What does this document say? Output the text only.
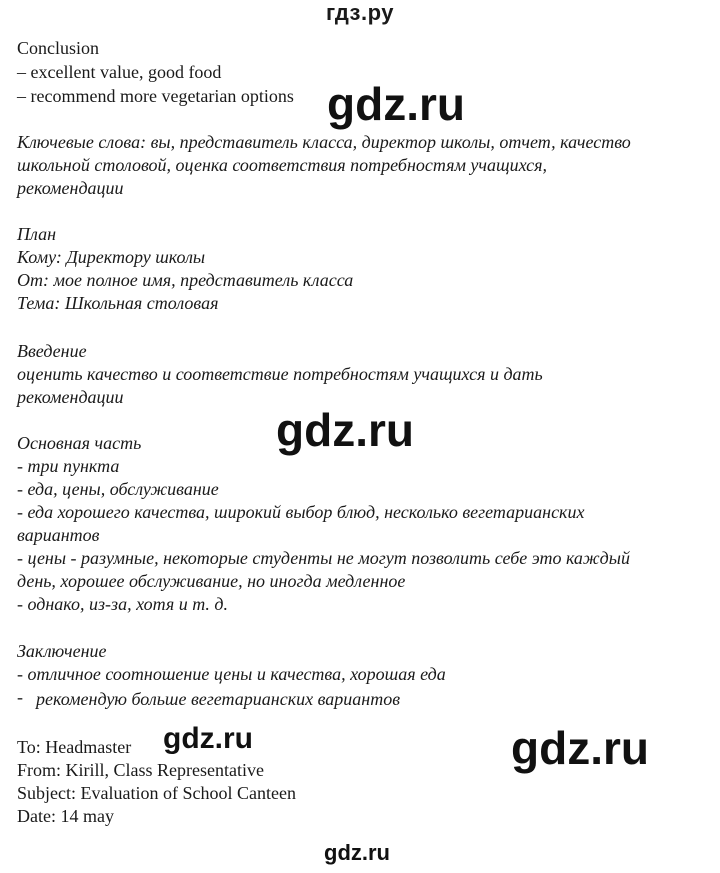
гдз.ру
Conclusion
– excellent value, good food
– recommend more vegetarian options
Ключевые слова: вы, представитель класса, директор школы, отчет, качество
школьной столовой, оценка соответствия потребностям учащихся,
рекомендации
План
Кому: Директору школы
От: мое полное имя, представитель класса
Тема: Школьная столовая
Введение
оценить качество и соответствие потребностям учащихся и дать
рекомендации
Основная часть
- три пункта
- еда, цены, обслуживание
- еда хорошего качества, широкий выбор блюд, несколько вегетарианских
вариантов
- цены - разумные, некоторые студенты не могут позволить себе это каждый
день, хорошее обслуживание, но иногда медленное
- однако, из-за, хотя и т. д.
Заключение
- отличное соотношение цены и качества, хорошая еда
- рекомендую больше вегетарианских вариантов
To: Headmaster
From: Kirill, Class Representative
Subject: Evaluation of School Canteen
Date: 14 may
gdz.ru
gdz.ru
gdz.ru	gdz.ru
gdz.ru
